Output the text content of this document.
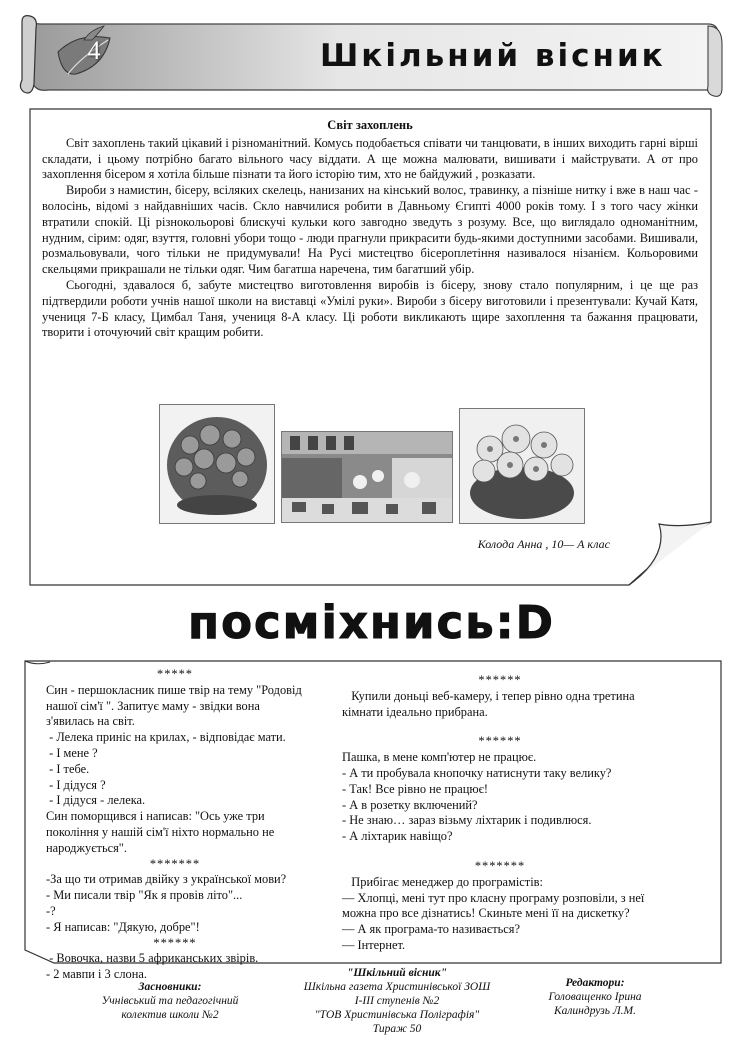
4	Шкільний вісник
Світ захоплень

Світ захоплень такий цікавий і різноманітний. Комусь подобається співати чи танцювати, в інших виходить гарні вірші складати, і цьому потрібно багато вільного часу віддати. А ще можна малювати, вишивати і майструвати. А от про захоплення бісером я хотіла більше пізнати та його історію тим, хто не байдужий , розказати.

Вироби з намистин, бісеру, всіляких скелець, нанизаних на кінський волос, травинку, а пізніше нитку і вже в наш час - волосінь, відомі з найдавніших часів. Скло навчилися робити в Давньому Єгипті 4000 років тому. І з того часу жінки втратили спокій. Ці різнокольорові блискучі кульки кого завгодно зведуть з розуму. Все, що виглядало одноманітним, нудним, сірим: одяг, взуття, головні убори тощо - люди прагнули прикрасити будь-якими доступними засобами. Вишивали, розмальовували, чого тільки не придумували! На Русі мистецтво бісероплетіння називалося нізанієм. Кольоровими скельцями прикрашали не тільки одяг. Чим багатша наречена, тим багатший убір.

Сьогодні, здавалося б, забуте мистецтво виготовлення виробів із бісеру, знову стало популярним, і це ще раз підтвердили роботи учнів нашої школи на виставці «Умілі руки». Вироби з бісеру виготовили і презентували: Кучай Катя, учениця 7-Б класу, Цимбал Таня, учениця 8-А класу. Ці роботи викликають щире захоплення та бажання працювати, творити і оточуючий світ кращим робити.

Колода Анна , 10— А клас
посміхнись:D
*****
Син - першокласник пише твір на тему "Родовід нашої сім'ї ". Запитує маму - звідки вона з'явилась на світ.
- Лелека приніс на крилах, - відповідає мати.
- І мене ?
- І тебе.
- І дідуся ?
- І дідуся - лелека.
Син поморщився і написав: "Ось уже три покоління у нашій сім'ї ніхто нормально не народжується".
*******
-За що ти отримав двійку з української мови?
- Ми писали твір "Як я провів літо"...
-?
- Я написав: "Дякую, добре"!
******
- Вовочка, назви 5 африканських звірів.
- 2 мавпи і 3 слона.
******
Купили доньці веб-камеру, і тепер рівно одна третина кімнати ідеально прибрана.
******
Пашка, в мене комп'ютер не працює.
- А ти пробувала кнопочку натиснути таку велику?
- Так! Все рівно не працює!
- А в розетку включений?
- Не знаю… зараз візьму ліхтарик і подивлюся.
- А ліхтарик навіщо?
*******
Прибігає менеджер до програмістів:
— Хлопці, мені тут про класну програму розповіли, з неї можна про все дізнатись! Скиньте мені її на дискетку?
— А як програма-то називається?
— Інтернет.
Засновники:
Учнівський та педагогічний
колектив школи №2
"Шкільний вісник"
Шкільна газета Христинівської ЗОШ
І-ІІІ ступенів №2
"ТОВ Христинівська Поліграфія"
Тираж 50
Редактори:
Головащенко Ірина
Калиндрузь Л.М.
